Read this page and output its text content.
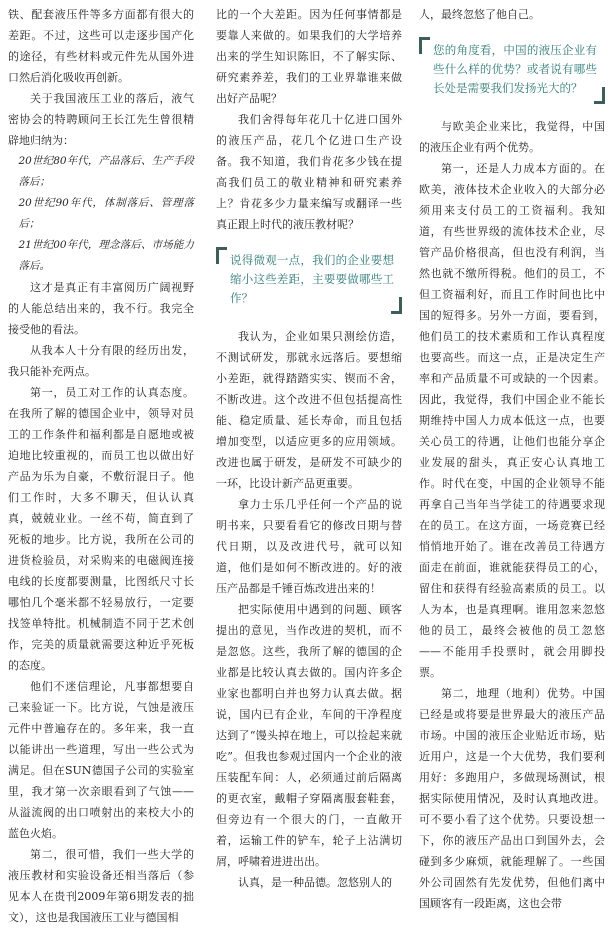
铁、配套液压件等多方面都有很大的差距。不过，这些可以走逐步国产化的途径，有些材料或元件先从国外进口然后消化吸收再创新。

关于我国液压工业的落后，液气密协会的特聘顾问王长江先生曾很精辟地归纳为：

20世纪80年代，产品落后、生产手段落后；

20世纪90年代，体制落后、管理落后；

21世纪00年代，理念落后、市场能力落后。

这才是真正有丰富阅历广阔视野的人能总结出来的，我不行。我完全接受他的看法。

从我本人十分有限的经历出发，我只能补充两点。

第一，员工对工作的认真态度。在我所了解的德国企业中，领导对员工的工作条件和福利都是自愿地或被迫地比较重视的，而员工也以做出好产品为乐为自豪，不敷衍混日子。他们工作时，大多不聊天，但认认真真，兢兢业业。一丝不苟，简直到了死板的地步。比方说，我所在公司的进货检验员，对采购来的电磁阀连接电线的长度都要测量，比图纸尺寸长哪怕几个毫米都不轻易放行，一定要找签单特批。机械制造不同于艺术创作，完美的质量就需要这种近乎死板的态度。

他们不迷信理论，凡事都想要自己来验证一下。比方说，气蚀是液压元件中普遍存在的。多年来，我一直以能讲出一些道理，写出一些公式为满足。但在SUN德国子公司的实验室里，我才第一次亲眼看到了气蚀——从溢流阀的出口喷射出的来校大小的蓝色火焰。

第二，很可惜，我们一些大学的液压教材和实验设备还相当落后（参见本人在贵刊2009年第6期发表的拙文），这也是我国液压工业与德国相

比的一个大差距。因为任何事情都是要靠人来做的。如果我们的大学培养出来的学生知识陈旧，不了解实际、研究素养差，我们的工业界靠谁来做出好产品呢？

我们舍得每年花几十亿进口国外的液压产品，花几个亿进口生产设备。我不知道，我们肯花多少钱在提高我们员工的敬业精神和研究素养上？肯花多少力量来编写或翻译一些真正跟上时代的液压教材呢？

说得微观一点，我们的企业要想缩小这些差距，主要要做哪些工作？

我认为，企业如果只测绘仿造，不测试研发，那就永远落后。要想缩小差距，就得踏踏实实、锲而不舍，不断改进。这个改进不但包括提高性能、稳定质量、延长寿命，而且包括增加变型，以适应更多的应用领域。改进也属于研发，是研发不可缺少的一环，比设计新产品更重要。

拿力士乐几乎任何一个产品的说明书来，只要看看它的修改日期与替代日期，以及改进代号，就可以知道，他们是如何不断改进的。好的液压产品都是千锤百炼改进出来的！

把实际使用中遇到的问题、顾客提出的意见，当作改进的契机，而不是忽悠。这些，我所了解的德国的企业都是比较认真去做的。国内许多企业家也都明白并也努力认真去做。据说，国内已有企业，车间的干净程度达到了“馒头掉在地上，可以捡起来就吃”。但我也参观过国内一个企业的液压装配车间：人，必须通过前后隔离的更衣室，戴帽子穿隔离服套鞋套，但旁边有一个很大的门，一直敞开着，运输工件的铲车，轮子上沾满切屑，呼啸着进进出出。

认真，是一种品德。忽悠别人的

人，最终忽悠了他自己。

您的角度看，中国的液压企业有些什么样的优势？或者说有哪些长处是需要我们发扬光大的？

与欧美企业来比，我觉得，中国的液压企业有两个优势。

第一，还是人力成本方面的。在欧美，液体技术企业收入的大部分必须用来支付员工的工资福利。我知道，有些世界级的流体技术企业，尽管产品价格很高，但也没有利润，当然也就不缴所得税。他们的员工，不但工资福利好，而且工作时间也比中国的短得多。另外一方面，要看到，他们员工的技术素质和工作认真程度也要高些。而这一点，正是决定生产率和产品质量不可或缺的一个因素。因此，我觉得，我们中国企业不能长期维持中国人力成本低这一点，也要关心员工的待遇，让他们也能分享企业发展的甜头，真正安心认真地工作。时代在变，中国的企业领导不能再拿自己当年当学徒工的待遇要求现在的员工。在这方面，一场竞赛已经悄悄地开始了。谁在改善员工待遇方面走在前面，谁就能获得员工的心，留住和获得有经验高素质的员工。以人为本，也是真理啊。谁用忽来忽悠他的员工，最终会被他的员工忽悠——不能用手投票时，就会用脚投票。

第二，地理（地利）优势。中国已经是或将要是世界最大的液压产品市场。中国的液压企业贴近市场，贴近用户，这是一个大优势，我们要利用好：多跑用户，多做现场测试，根据实际使用情况，及时认真地改进。可不要小看了这个优势。只要设想一下，你的液压产品出口到国外去，会碰到多少麻烦，就能理解了。一些国外公司固然有先发优势，但他们离中国顾客有一段距离，这也会带
